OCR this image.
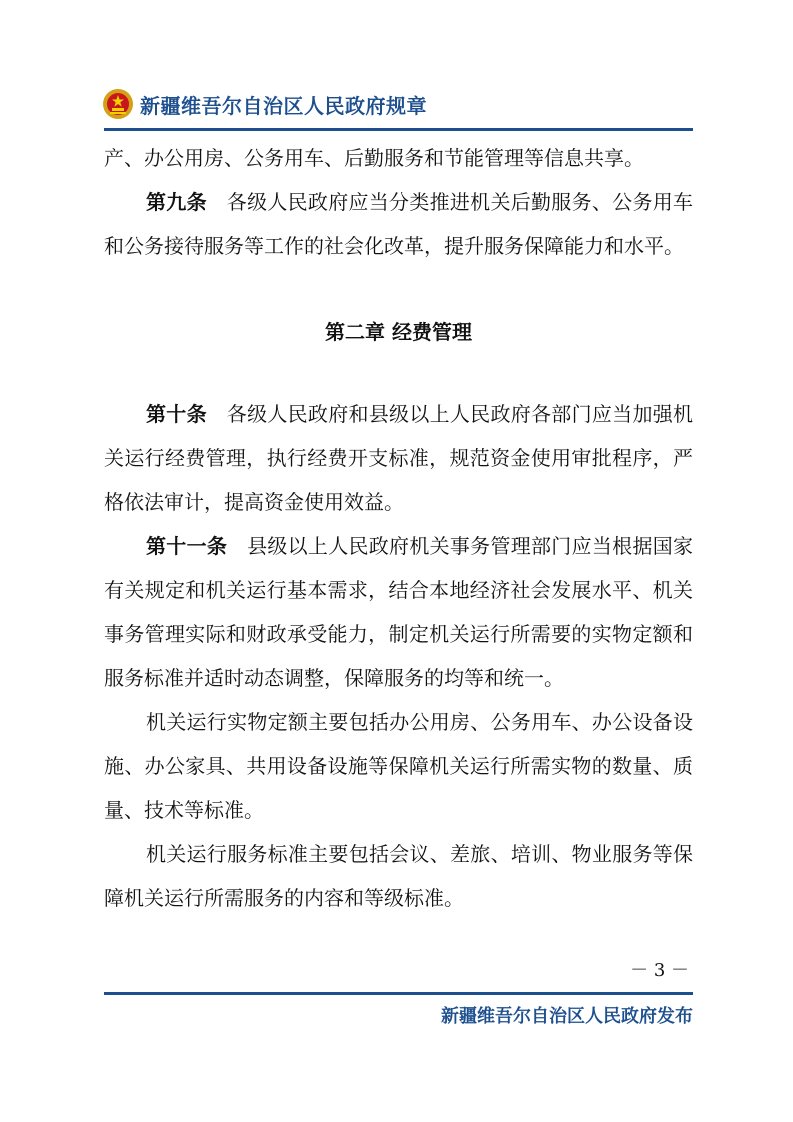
新疆维吾尔自治区人民政府规章

产、办公用房、公务用车、后勤服务和节能管理等信息共享。

第九条 各级人民政府应当分类推进机关后勤服务、公务用车和公务接待服务等工作的社会化改革，提升服务保障能力和水平。

第二章 经费管理

第十条 各级人民政府和县级以上人民政府各部门应当加强机关运行经费管理，执行经费开支标准，规范资金使用审批程序，严格依法审计，提高资金使用效益。

第十一条 县级以上人民政府机关事务管理部门应当根据国家有关规定和机关运行基本需求，结合本地经济社会发展水平、机关事务管理实际和财政承受能力，制定机关运行所需要的实物定额和服务标准并适时动态调整，保障服务的均等和统一。

机关运行实物定额主要包括办公用房、公务用车、办公设备设施、办公家具、共用设备设施等保障机关运行所需实物的数量、质量、技术等标准。

机关运行服务标准主要包括会议、差旅、培训、物业服务等保障机关运行所需服务的内容和等级标准。

－ 3 －
新疆维吾尔自治区人民政府发布
